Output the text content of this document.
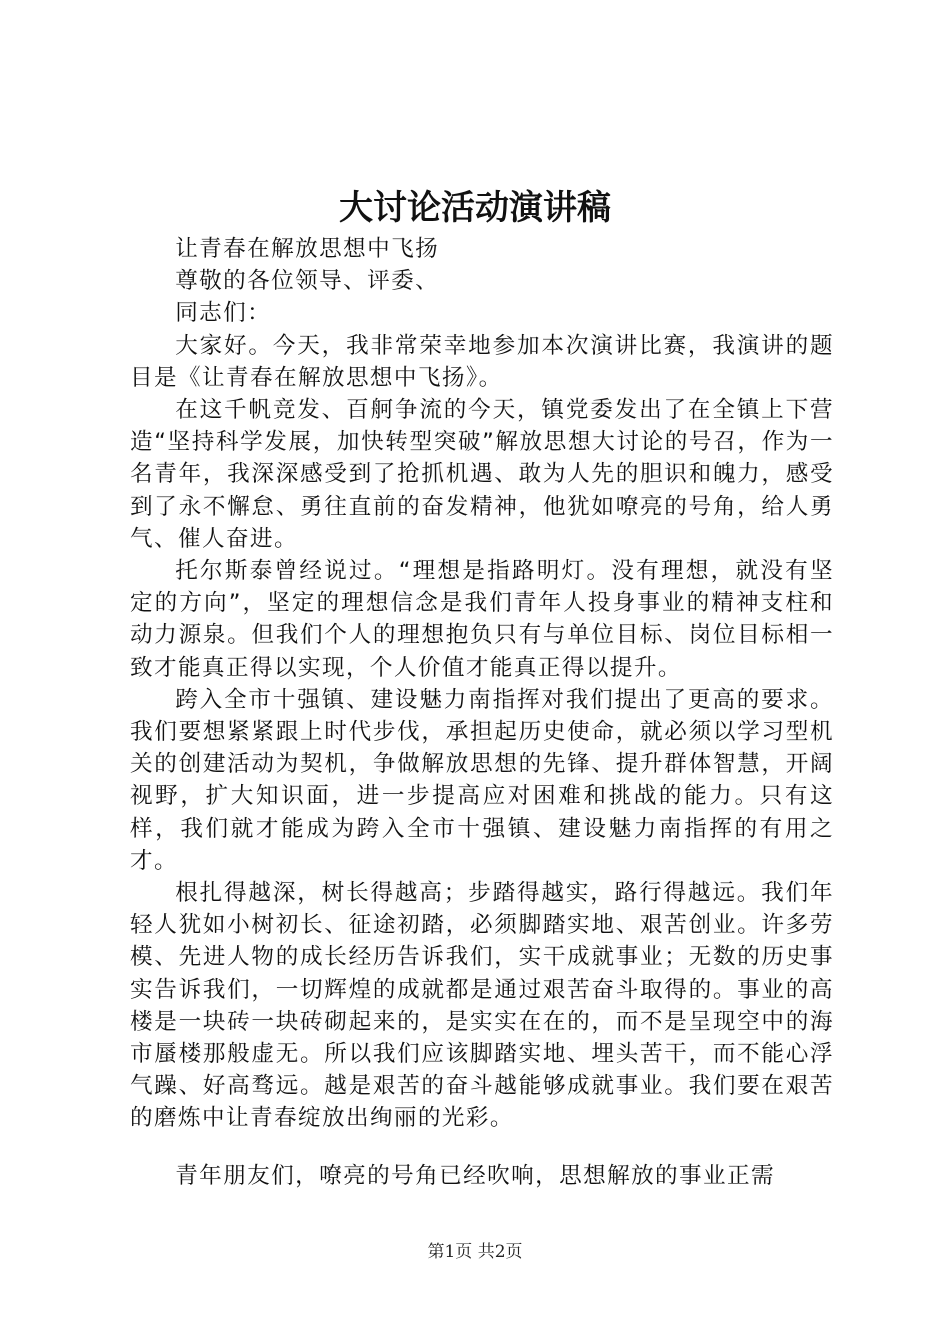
大讨论活动演讲稿

让青春在解放思想中飞扬

尊敬的各位领导、评委、

同志们：

大家好。今天，我非常荣幸地参加本次演讲比赛，我演讲的题目是《让青春在解放思想中飞扬》。

在这千帆竞发、百舸争流的今天，镇党委发出了在全镇上下营造“坚持科学发展，加快转型突破”解放思想大讨论的号召，作为一名青年，我深深感受到了抢抓机遇、敢为人先的胆识和魄力，感受到了永不懈怠、勇往直前的奋发精神，他犹如嘹亮的号角，给人勇气、催人奋进。

托尔斯泰曾经说过。“理想是指路明灯。没有理想，就没有坚定的方向”，坚定的理想信念是我们青年人投身事业的精神支柱和动力源泉。但我们个人的理想抱负只有与单位目标、岗位目标相一致才能真正得以实现，个人价值才能真正得以提升。

跨入全市十强镇、建设魅力南指挥对我们提出了更高的要求。我们要想紧紧跟上时代步伐，承担起历史使命，就必须以学习型机关的创建活动为契机，争做解放思想的先锋、提升群体智慧，开阔视野，扩大知识面，进一步提高应对困难和挑战的能力。只有这样，我们就才能成为跨入全市十强镇、建设魅力南指挥的有用之才。

根扎得越深，树长得越高；步踏得越实，路行得越远。我们年轻人犹如小树初长、征途初踏，必须脚踏实地、艰苦创业。许多劳模、先进人物的成长经历告诉我们，实干成就事业；无数的历史事实告诉我们，一切辉煌的成就都是通过艰苦奋斗取得的。事业的高楼是一块砖一块砖砌起来的，是实实在在的，而不是呈现空中的海市蜃楼那般虚无。所以我们应该脚踏实地、埋头苦干，而不能心浮气躁、好高骛远。越是艰苦的奋斗越能够成就事业。我们要在艰苦的磨炼中让青春绽放出绚丽的光彩。

青年朋友们，嘹亮的号角已经吹响，思想解放的事业正需

第1页 共2页
